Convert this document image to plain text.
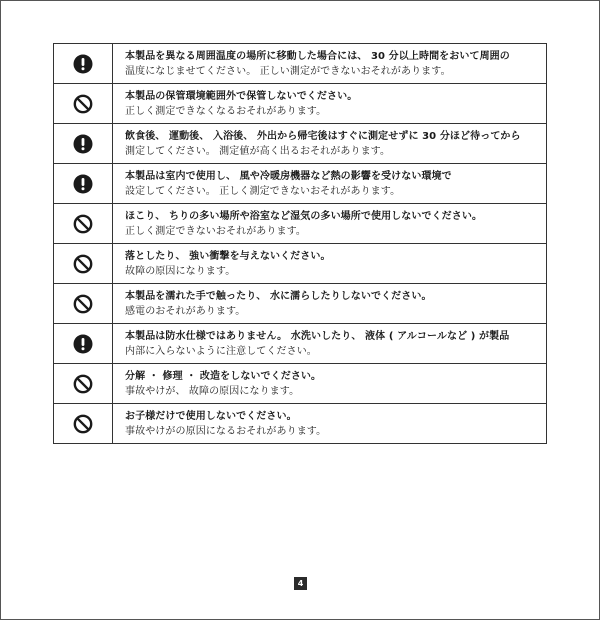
本製品を異なる周囲温度の場所に移動した場合には、 30 分以上時間をおいて周囲の
温度になじませてください。 正しい測定ができないおそれがあります。

本製品の保管環境範囲外で保管しないでください。
正しく測定できなくなるおそれがあります。

飲食後、 運動後、 入浴後、 外出から帰宅後はすぐに測定せずに 30 分ほど待ってから
測定してください。 測定値が高く出るおそれがあります。

本製品は室内で使用し、 風や冷暖房機器など熱の影響を受けない環境で
設定してください。 正しく測定できないおそれがあります。

ほこり、 ちりの多い場所や浴室など湿気の多い場所で使用しないでください。
正しく測定できないおそれがあります。

落としたり、 強い衝撃を与えないください。
故障の原因になります。

本製品を濡れた手で触ったり、 水に濡らしたりしないでください。
感電のおそれがあります。

本製品は防水仕様ではありません。 水洗いしたり、 液体 ( アルコールなど ) が製品
内部に入らないように注意してください。

分解 ・ 修理 ・ 改造をしないでください。
事故やけが、 故障の原因になります。

お子様だけで使用しないでください。
事故やけがの原因になるおそれがあります。
4
